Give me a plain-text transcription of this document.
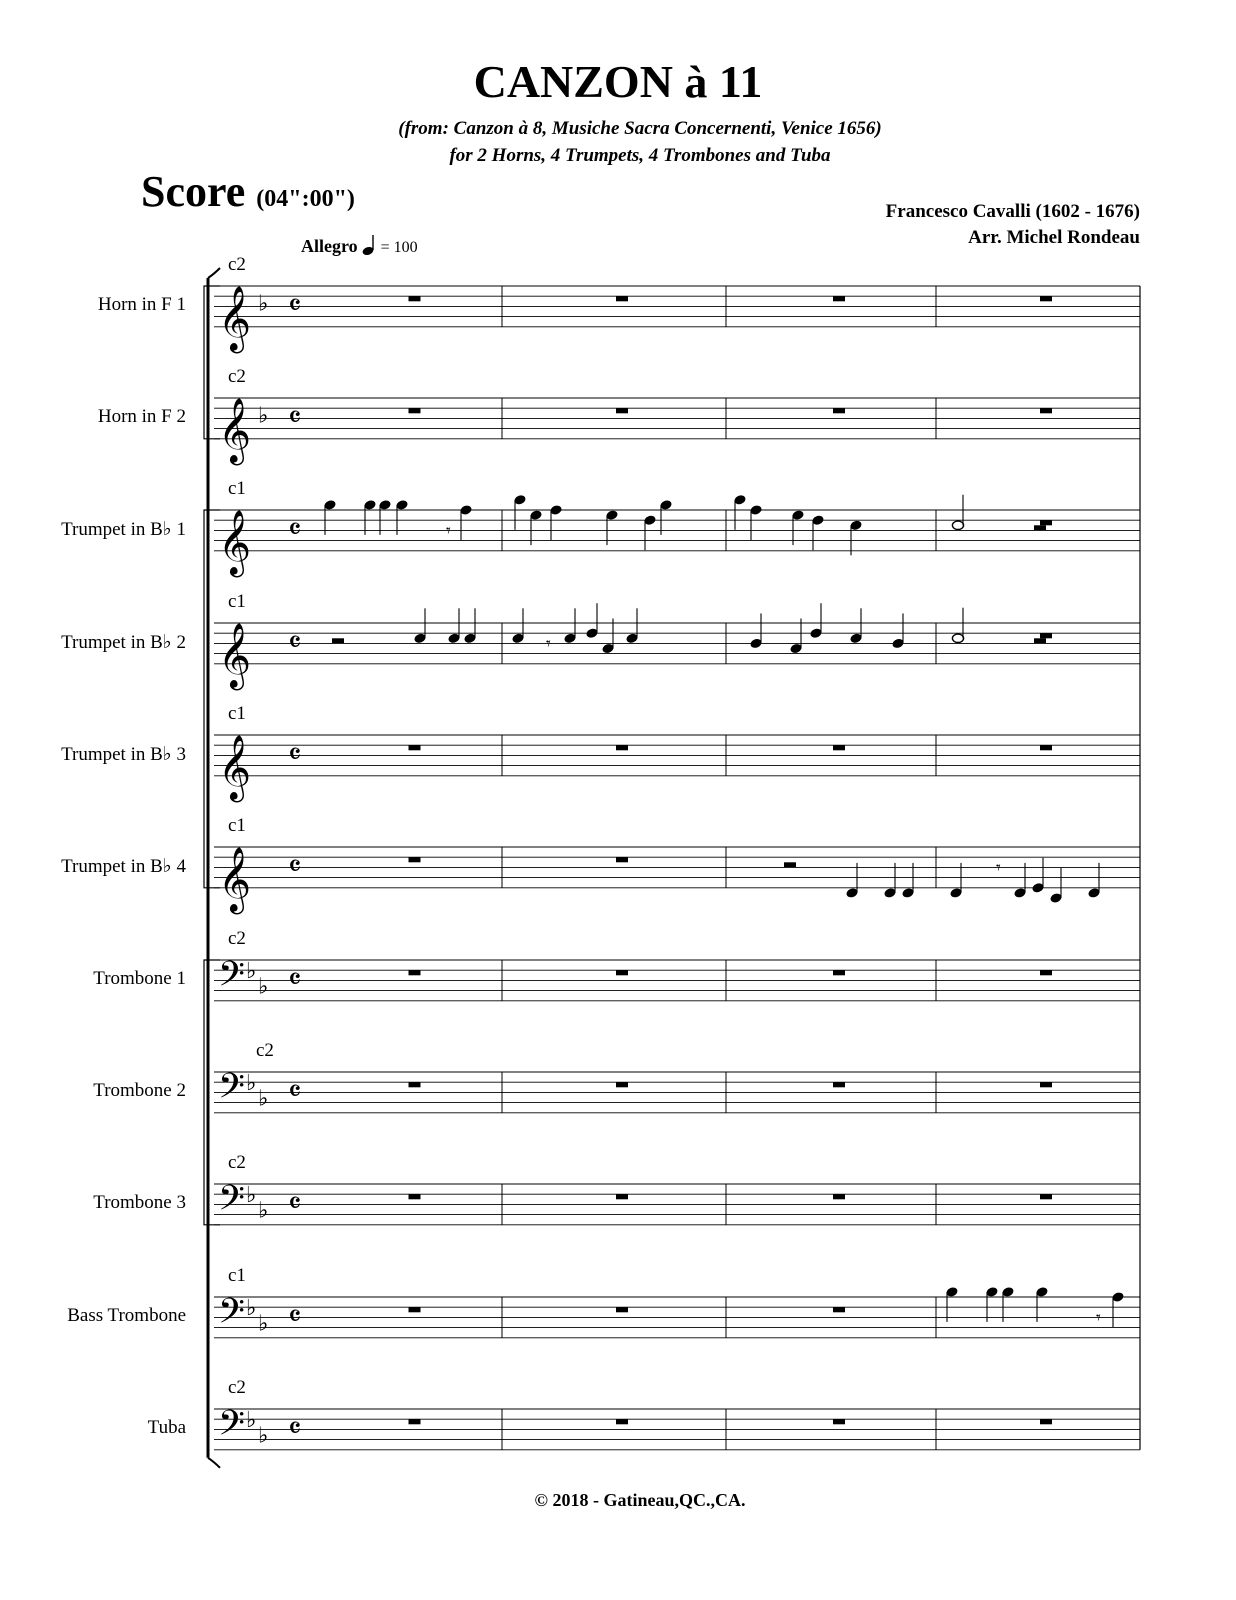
CANZON à 11
(from: Canzon à 8, Musiche Sacra Concernenti, Venice 1656)
for 2 Horns, 4 Trumpets, 4 Trombones and Tuba
Score (04":00")	Francesco Cavalli (1602 - 1676)
Arr. Michel Rondeau
Allegro = 100
Horn in F 1
c2
Horn in F 2
c2
Trumpet in B♭ 1
c1
Trumpet in B♭ 2
c1
Trumpet in B♭ 3
c1
Trumpet in B♭ 4
c1
Trombone 1
c2
Trombone 2
c2
Trombone 3
c2
Bass Trombone
c1
Tuba
c2
𝄞 ♭ 𝄴
𝄞 ♭ 𝄴
𝄞 𝄴
𝄞 𝄴
𝄞 𝄴
𝄞 𝄴
𝄢 ♭
♭ 𝄴
𝄢 ♭
♭ 𝄴
𝄢 ♭
♭ 𝄴
𝄢 ♭
♭ 𝄴
𝄢 ♭
♭ 𝄴
𝄾
𝄾
𝄾
𝄾
© 2018 - Gatineau,QC.,CA.
